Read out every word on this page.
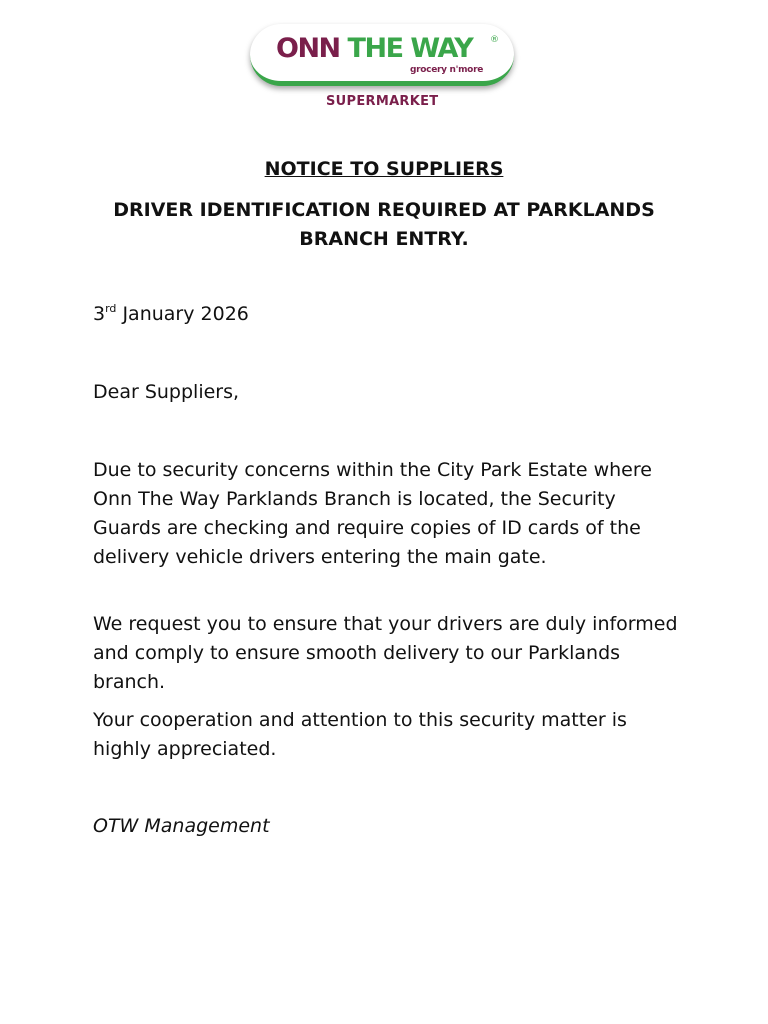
ONN THE WAY ®
grocery n'more
SUPERMARKET
NOTICE TO SUPPLIERS
DRIVER IDENTIFICATION REQUIRED AT PARKLANDS BRANCH ENTRY.

3rd January 2026

Dear Suppliers,

Due to security concerns within the City Park Estate where Onn The Way Parklands Branch is located, the Security Guards are checking and require copies of ID cards of the delivery vehicle drivers entering the main gate.

We request you to ensure that your drivers are duly informed and comply to ensure smooth delivery to our Parklands branch.

Your cooperation and attention to this security matter is highly appreciated.

OTW Management
